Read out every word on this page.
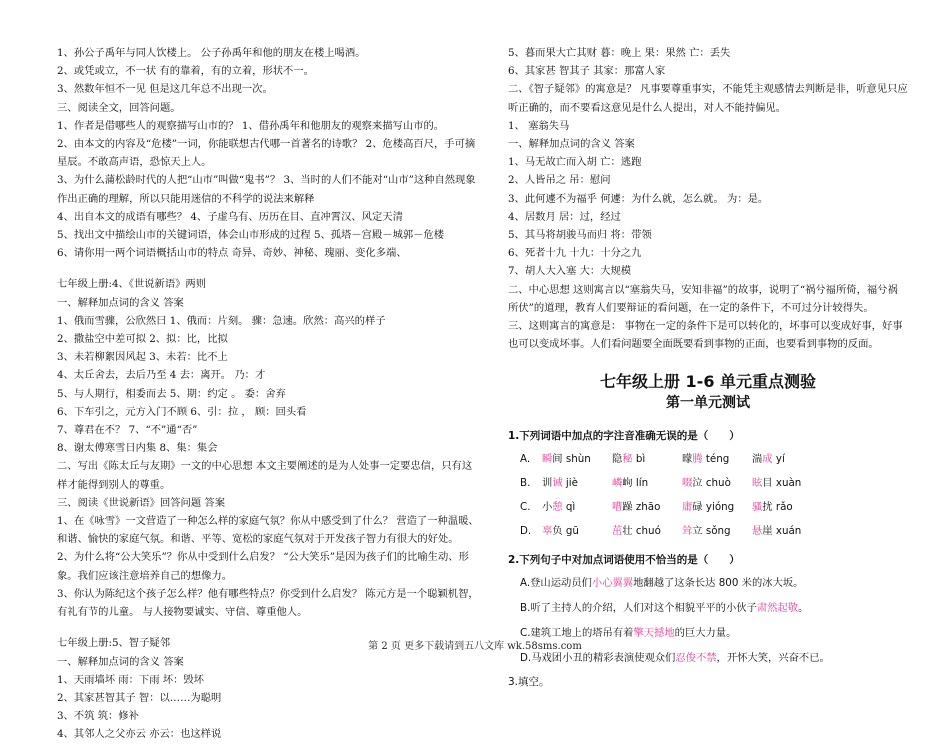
1、孙公子禹年与同人饮楼上。 公子孙禹年和他的朋友在楼上喝酒。
2、或凭或立，不一状 有的靠着，有的立着，形状不一。
3、然数年恒不一见 但是这几年总不出现一次。
三、阅读全文，回答问题。
1、作者是借哪些人的观察描写山市的？ 1、借孙禹年和他朋友的观察来描写山市的。
2、由本文的内容及“危楼”一词，你能联想古代哪一首著名的诗歌？ 2、危楼高百尺，手可摘星辰。不敢高声语，恐惊天上人。
3、为什么蒲松龄时代的人把“山市”叫做“鬼书”？ 3、当时的人们不能对“山市”这种自然现象作出正确的理解，所以只能用迷信的不科学的说法来解释
4、出自本文的成语有哪些？ 4、子虚乌有、历历在目、直冲霄汉、风定天清
5、找出文中描绘山市的关键词语，体会山市形成的过程 5、孤塔－宫殿－城郭－危楼
6、请你用一两个词语概括山市的特点 奇异、奇妙、神秘、瑰丽、变化多端、
七年级上册:4、《世说新语》两则
一、解释加点词的含义 答案
1、俄而雪骤，公欣然曰 1、俄而：片刻。 骤：急速。欣然：高兴的样子
2、撒盐空中差可拟 2、拟：比，比拟
3、未若柳絮因风起 3、未若：比不上
4、太丘舍去，去后乃至 4 去：离开。 乃：才
5、与人期行，相委而去 5、期：约定 。 委：舍弃
6、下车引之，元方入门不顾 6、引：拉 ， 顾：回头看
7、尊君在不？ 7、“不”通“否”
8、谢太傅寒雪日内集 8、集：集会
二、写出《陈太丘与友期》一文的中心思想 本文主要阐述的是为人处事一定要忠信，只有这样才能得到别人的尊重。
三、阅读《世说新语》回答问题 答案
1、在《咏雪》一文营造了一种怎么样的家庭气氛？你从中感受到了什么？ 营造了一种温暖、和谐、愉快的家庭气氛。和谐、平等、宽松的家庭气氛对于开发孩子智力有很大的好处。
2、为什么将“公大笑乐”？你从中受到什么启发？ “公大笑乐”是因为孩子们的比喻生动、形象。我们应该注意培养自己的想像力。
3、你认为陈纪这个孩子怎么样？他有哪些特点？你受到什么启发？ 陈元方是一个聪颖机智，有礼有节的儿童。 与人接物要诚实、守信、尊重他人。
七年级上册:5、智子疑邻
一、解释加点词的含义 答案
1、天雨墙坏 雨：下雨 坏：毁坏
2、其家甚智其子 智：以……为聪明
3、不筑 筑：修补
4、其邻人之父亦云 亦云：也这样说
5、暮而果大亡其财 暮：晚上 果：果然 亡：丢失
6、其家甚 智其子 其家：那富人家
二、《智子疑邻》的寓意是？ 凡事要尊重事实，不能凭主观感情去判断是非，听意见只应听正确的，而不要看这意见是什么人提出，对人不能持偏见。
1、 塞翁失马
一、解释加点词的含义 答案
1、马无故亡而入胡 亡：逃跑
2、人皆吊之 吊：慰问
3、此何遽不为福乎 何遽：为什么就，怎么就。 为：是。
4、居数月 居：过，经过
5、其马将胡骏马而归 将：带领
6、死者十九 十九：十分之九
7、胡人大入塞 大：大规模
二、中心思想 这则寓言以“塞翁失马，安知非福”的故事，说明了“祸兮福所倚，福兮祸所伏”的道理，教育人们要辩证的看问题，在一定的条件下，不可过分计较得失。
三、这则寓言的寓意是： 事物在一定的条件下是可以转化的，坏事可以变成好事，好事也可以变成坏事。人们看问题要全面既要看到事物的正面，也要看到事物的反面。
七年级上册 1-6 单元重点测验
第一单元测试
1.下列词语中加点的字注音准确无误的是（　　）
A.	瞬间 shùn	隐秘 bì	曚腾 téng	湍成 yí
B.	训诫 jiè	嶙峋 lín	啜泣 chuò	眩目 xuàn
C.	小憩 qì	嘈躁 zhāo	庸碌 yióng	骚扰 rǎo
D.	辜负 gū	茁壮 chuó	耸立 sǒng	悬崖 xuán
2.下列句子中对加点词语使用不恰当的是（　　）
A.登山运动员们小心翼翼地翻越了这条长达 800 米的冰大坂。
B.听了主持人的介绍，人们对这个相貌平平的小伙子肃然起敬。
C.建筑工地上的塔吊有着擎天撼地的巨大力量。
D.马戏团小丑的精彩表演使观众们忍俊不禁，开怀大笑，兴奋不已。
3.填空。
第 2 页 更多下载请到五八文库 wk.58sms.com
